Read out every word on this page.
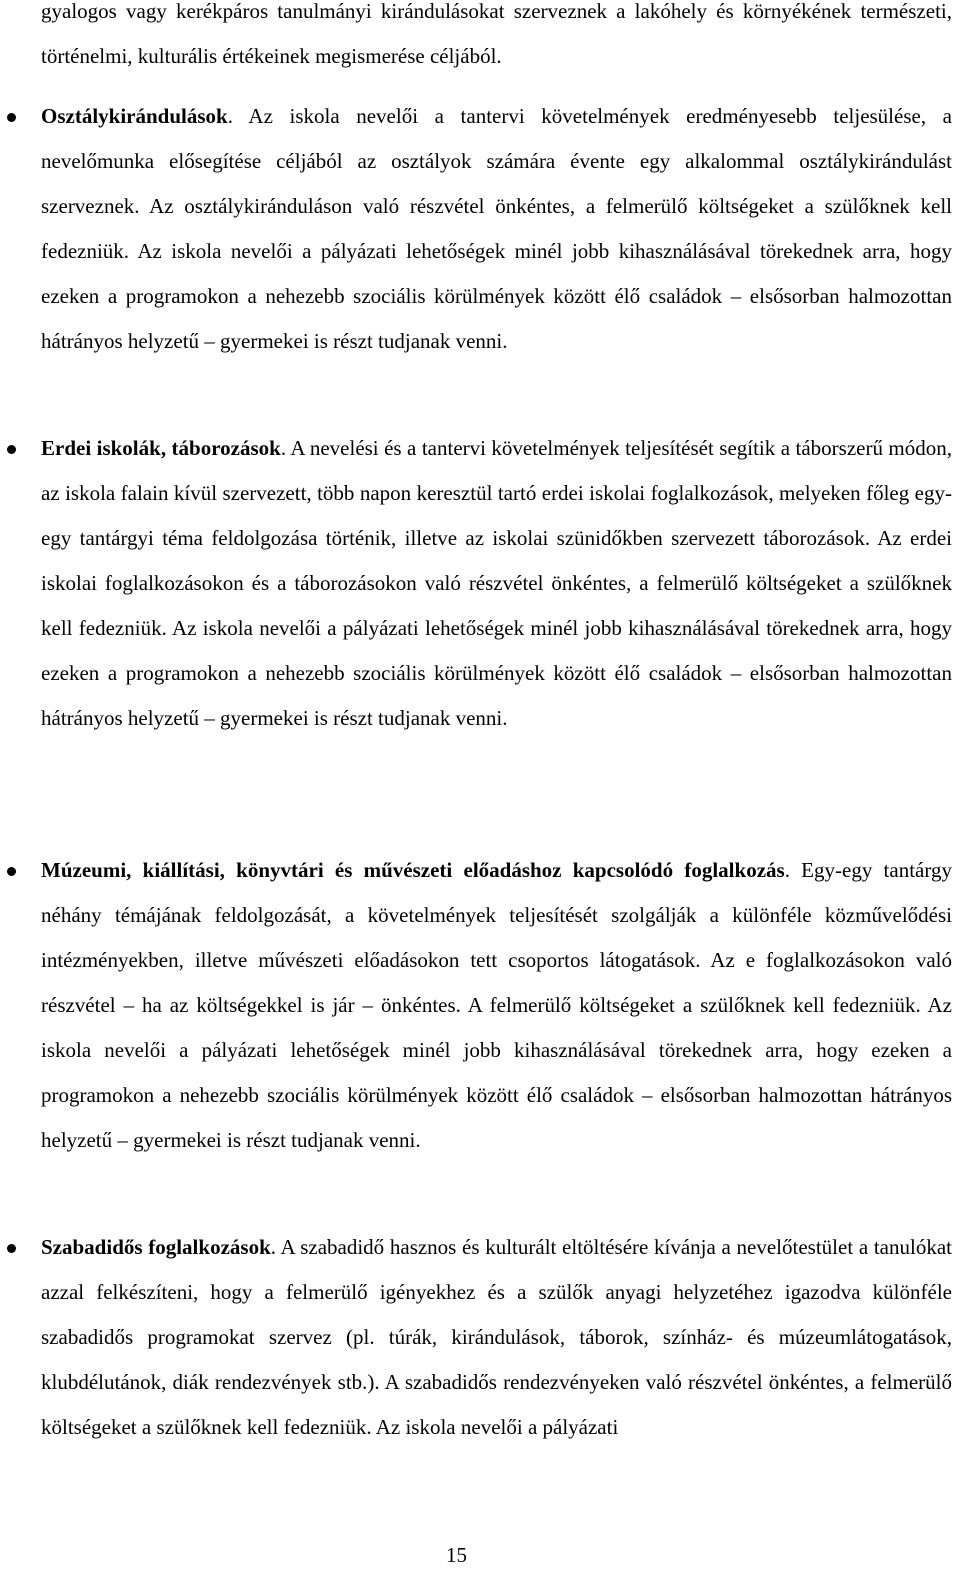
gyalogos vagy kerékpáros tanulmányi kirándulásokat szerveznek a lakóhely és környékének természeti, történelmi, kulturális értékeinek megismerése céljából.

Osztálykirándulások. Az iskola nevelői a tantervi követelmények eredményesebb teljesülése, a nevelőmunka elősegítése céljából az osztályok számára évente egy alkalommal osztálykirándulást szerveznek. Az osztálykiránduláson való részvétel önkéntes, a felmerülő költségeket a szülőknek kell fedezniük. Az iskola nevelői a pályázati lehetőségek minél jobb kihasználásával törekednek arra, hogy ezeken a programokon a nehezebb szociális körülmények között élő családok – elsősorban halmozottan hátrányos helyzetű – gyermekei is részt tudjanak venni.

Erdei iskolák, táborozások. A nevelési és a tantervi követelmények teljesítését segítik a táborszerű módon, az iskola falain kívül szervezett, több napon keresztül tartó erdei iskolai foglalkozások, melyeken főleg egy-egy tantárgyi téma feldolgozása történik, illetve az iskolai szünidőkben szervezett táborozások. Az erdei iskolai foglalkozásokon és a táborozásokon való részvétel önkéntes, a felmerülő költségeket a szülőknek kell fedezniük. Az iskola nevelői a pályázati lehetőségek minél jobb kihasználásával törekednek arra, hogy ezeken a programokon a nehezebb szociális körülmények között élő családok – elsősorban halmozottan hátrányos helyzetű – gyermekei is részt tudjanak venni.

Múzeumi, kiállítási, könyvtári és művészeti előadáshoz kapcsolódó foglalkozás. Egy-egy tantárgy néhány témájának feldolgozását, a követelmények teljesítését szolgálják a különféle közművelődési intézményekben, illetve művészeti előadásokon tett csoportos látogatások. Az e foglalkozásokon való részvétel – ha az költségekkel is jár – önkéntes. A felmerülő költségeket a szülőknek kell fedezniük. Az iskola nevelői a pályázati lehetőségek minél jobb kihasználásával törekednek arra, hogy ezeken a programokon a nehezebb szociális körülmények között élő családok – elsősorban halmozottan hátrányos helyzetű – gyermekei is részt tudjanak venni.

Szabadidős foglalkozások. A szabadidő hasznos és kulturált eltöltésére kívánja a nevelőtestület a tanulókat azzal felkészíteni, hogy a felmerülő igényekhez és a szülők anyagi helyzetéhez igazodva különféle szabadidős programokat szervez (pl. túrák, kirándulások, táborok, színház- és múzeumlátogatások, klubdélutánok, diák rendezvények stb.). A szabadidős rendezvényeken való részvétel önkéntes, a felmerülő költségeket a szülőknek kell fedezniük. Az iskola nevelői a pályázati

15
